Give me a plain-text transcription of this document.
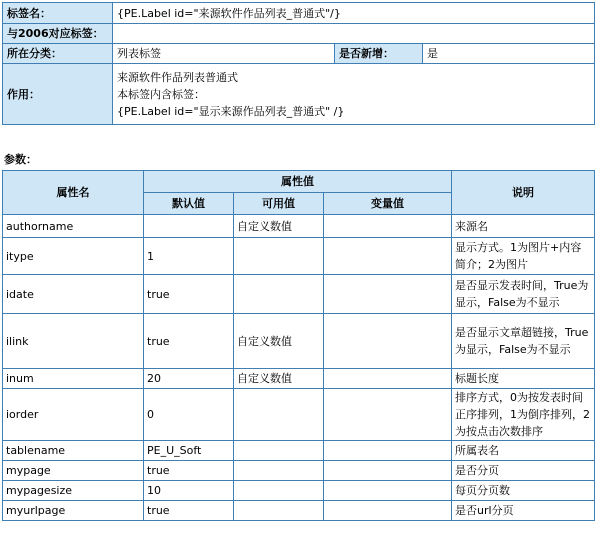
标签名：	{PE.Label id="来源软件作品列表_普通式"/}		
与2006对应标签：			
所在分类：	列表标签	是否新增：	是
作用：	来源软件作品列表普通式
本标签内含标签：
{PE.Label id="显示来源作品列表_普通式" /}		
参数：
属性名	属性值			说明
	默认值	可用值	变量值	
authorname		自定义数值		来源名
itype	1			显示方式。1为图片+内容简介；2为图片
idate	true			是否显示发表时间，True为显示，False为不显示
ilink	true	自定义数值		是否显示文章超链接，True为显示，False为不显示
inum	20	自定义数值		标题长度
iorder	0			排序方式，0为按发表时间正序排列，1为倒序排列，2为按点击次数排序
tablename	PE_U_Soft			所属表名
mypage	true			是否分页
mypagesize	10			每页分页数
myurlpage	true			是否url分页
